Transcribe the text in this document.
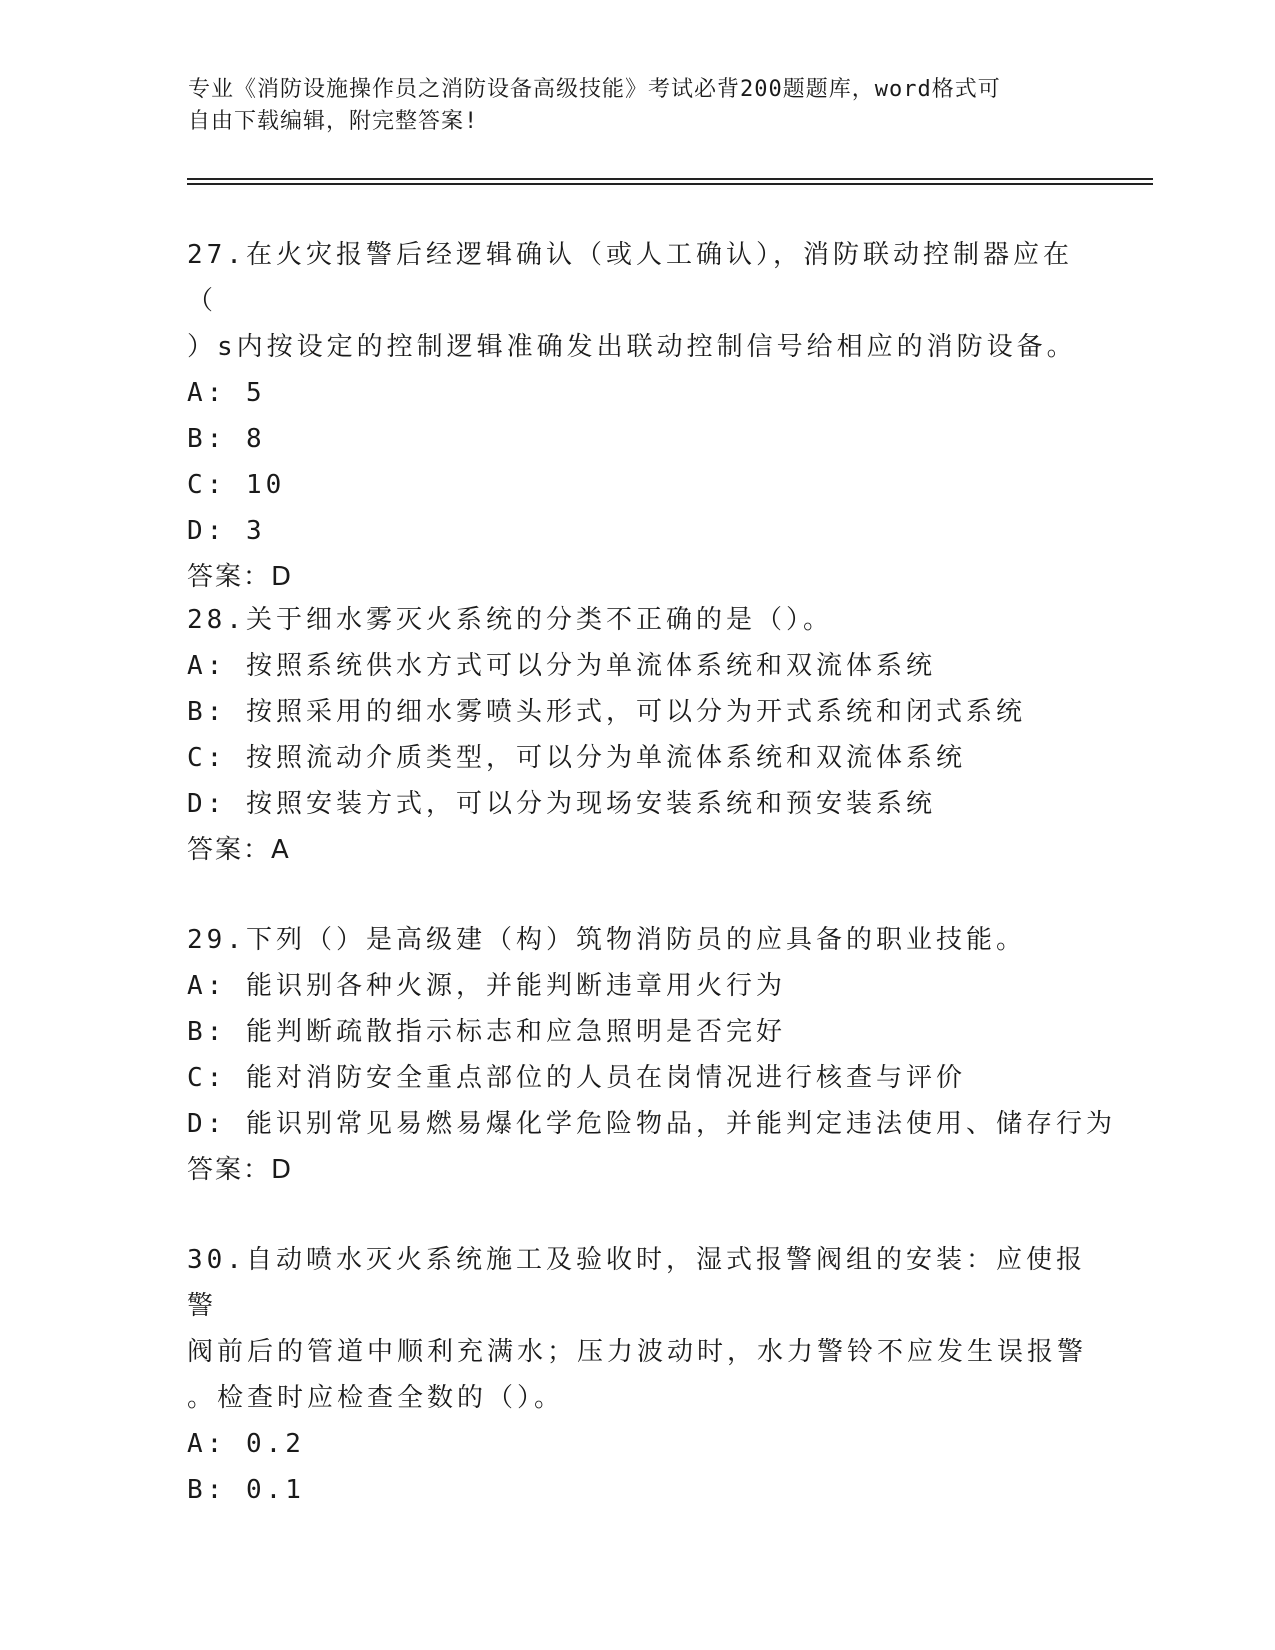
专业《消防设施操作员之消防设备高级技能》考试必背200题题库，word格式可
自由下载编辑，附完整答案!
27.在火灾报警后经逻辑确认（或人工确认），消防联动控制器应在（
）s内按设定的控制逻辑准确发出联动控制信号给相应的消防设备。
A: 5
B: 8
C: 10
D: 3
答案：D
28.关于细水雾灭火系统的分类不正确的是（）。
A: 按照系统供水方式可以分为单流体系统和双流体系统
B: 按照采用的细水雾喷头形式，可以分为开式系统和闭式系统
C: 按照流动介质类型，可以分为单流体系统和双流体系统
D: 按照安装方式，可以分为现场安装系统和预安装系统
答案：A
29.下列（）是高级建（构）筑物消防员的应具备的职业技能。
A: 能识别各种火源，并能判断违章用火行为
B: 能判断疏散指示标志和应急照明是否完好
C: 能对消防安全重点部位的人员在岗情况进行核查与评价
D: 能识别常见易燃易爆化学危险物品，并能判定违法使用、储存行为
答案：D
30.自动喷水灭火系统施工及验收时，湿式报警阀组的安装：应使报警
阀前后的管道中顺利充满水；压力波动时，水力警铃不应发生误报警
。检查时应检查全数的（）。
A: 0.2
B: 0.1
